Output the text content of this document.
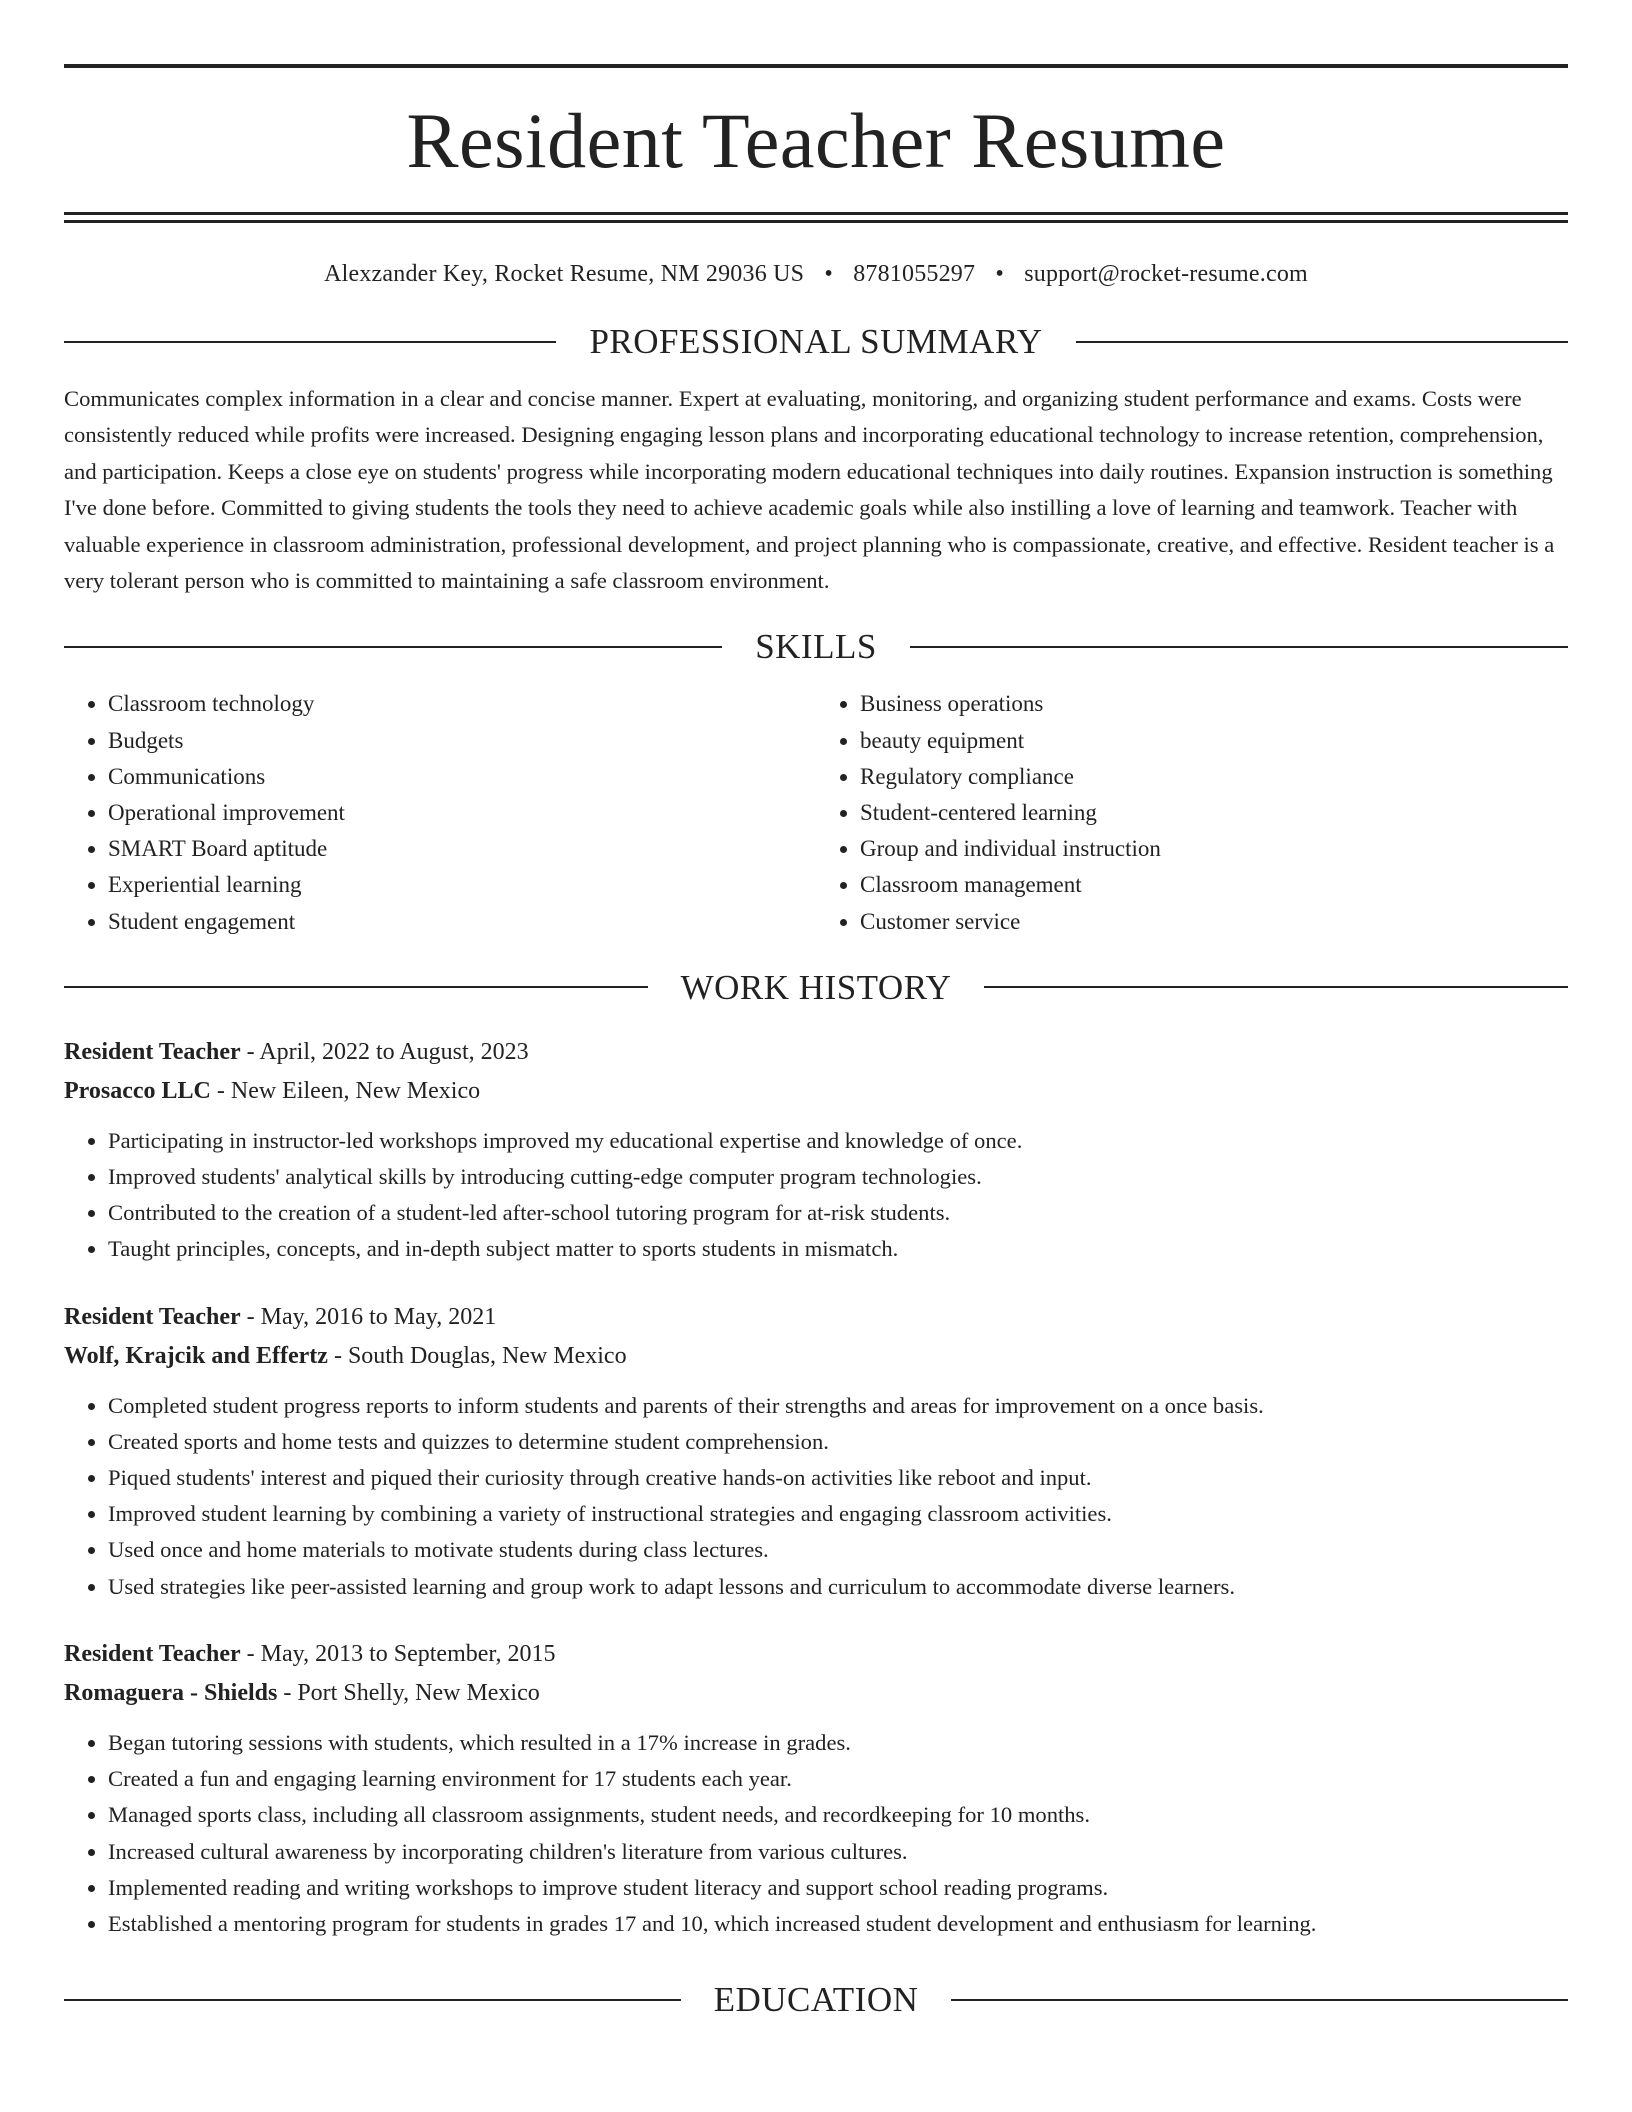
Resident Teacher Resume
Alexzander Key, Rocket Resume, NM 29036 US • 8781055297 • support@rocket-resume.com
PROFESSIONAL SUMMARY

Communicates complex information in a clear and concise manner. Expert at evaluating, monitoring, and organizing student performance and exams. Costs were consistently reduced while profits were increased. Designing engaging lesson plans and incorporating educational technology to increase retention, comprehension, and participation. Keeps a close eye on students' progress while incorporating modern educational techniques into daily routines. Expansion instruction is something I've done before. Committed to giving students the tools they need to achieve academic goals while also instilling a love of learning and teamwork. Teacher with valuable experience in classroom administration, professional development, and project planning who is compassionate, creative, and effective. Resident teacher is a very tolerant person who is committed to maintaining a safe classroom environment.

SKILLS
• Classroom technology
• Budgets
• Communications
• Operational improvement
• SMART Board aptitude
• Experiential learning
• Student engagement
• Business operations
• beauty equipment
• Regulatory compliance
• Student-centered learning
• Group and individual instruction
• Classroom management
• Customer service
WORK HISTORY
Resident Teacher - April, 2022 to August, 2023
Prosacco LLC - New Eileen, New Mexico
• Participating in instructor-led workshops improved my educational expertise and knowledge of once.
• Improved students' analytical skills by introducing cutting-edge computer program technologies.
• Contributed to the creation of a student-led after-school tutoring program for at-risk students.
• Taught principles, concepts, and in-depth subject matter to sports students in mismatch.
Resident Teacher - May, 2016 to May, 2021
Wolf, Krajcik and Effertz - South Douglas, New Mexico
• Completed student progress reports to inform students and parents of their strengths and areas for improvement on a once basis.
• Created sports and home tests and quizzes to determine student comprehension.
• Piqued students' interest and piqued their curiosity through creative hands-on activities like reboot and input.
• Improved student learning by combining a variety of instructional strategies and engaging classroom activities.
• Used once and home materials to motivate students during class lectures.
• Used strategies like peer-assisted learning and group work to adapt lessons and curriculum to accommodate diverse learners.
Resident Teacher - May, 2013 to September, 2015
Romaguera - Shields - Port Shelly, New Mexico
• Began tutoring sessions with students, which resulted in a 17% increase in grades.
• Created a fun and engaging learning environment for 17 students each year.
• Managed sports class, including all classroom assignments, student needs, and recordkeeping for 10 months.
• Increased cultural awareness by incorporating children's literature from various cultures.
• Implemented reading and writing workshops to improve student literacy and support school reading programs.
• Established a mentoring program for students in grades 17 and 10, which increased student development and enthusiasm for learning.
EDUCATION
